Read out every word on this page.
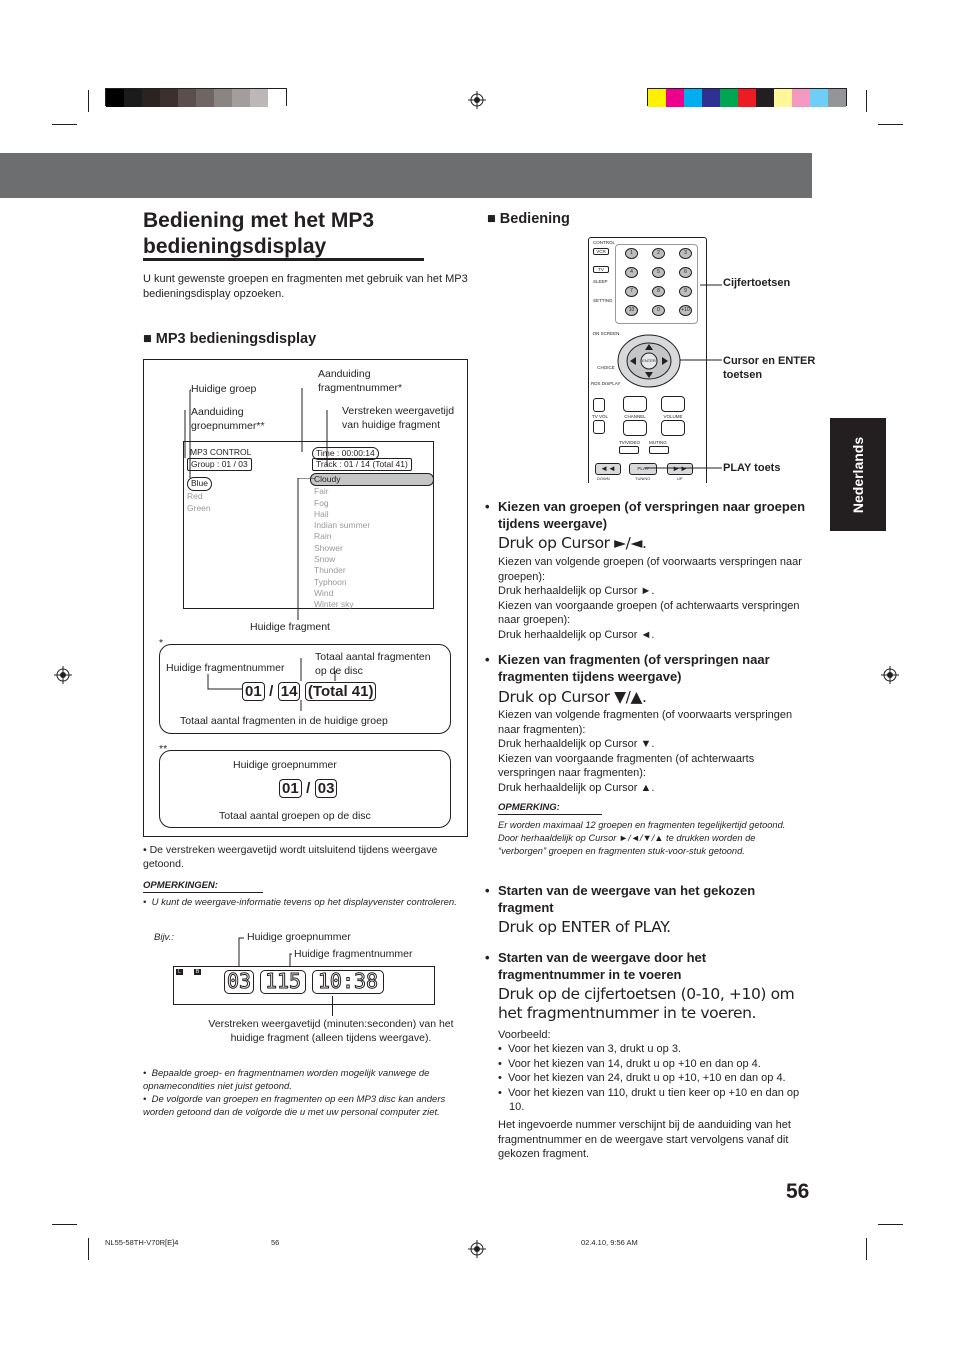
Bediening met het MP3
bedieningsdisplay
U kunt gewenste groepen en fragmenten met gebruik van het MP3 bedieningsdisplay opzoeken.
■ MP3 bedieningsdisplay
Huidige groep
Aanduiding groepnummer**
Aanduiding fragmentnummer*
Verstreken weergavetijd van huidige fragment
MP3 CONTROL
Group : 01 / 03
Time : 00:00:14
Track : 01 / 14 (Total 41)
Blue

Red
Green
Cloudy
Fair
Fog
Hail
Indian summer
Rain
Shower
Snow
Thunder
Typhoon
Wind
Winter sky
Huidige fragment
*
Huidige fragmentnummer
Totaal aantal fragmenten op de disc
01 / 14 (Total 41)
Totaal aantal fragmenten in de huidige groep
**
Huidige groepnummer
01 / 03
Totaal aantal groepen op de disc
• De verstreken weergavetijd wordt uitsluitend tijdens weergave getoond.
OPMERKINGEN:
•  U kunt de weergave-informatie tevens op het displayvenster controleren.
Bijv.:	Huidige groepnummer
Huidige fragmentnummer
L	B 03 115 10:38
Verstreken weergavetijd (minuten:seconden) van het huidige fragment (alleen tijdens weergave).
•  Bepaalde groep- en fragmentnamen worden mogelijk vanwege de opnamecondities niet juist getoond.
•  De volgorde van groepen en fragmenten op een MP3 disc kan anders worden getoond dan de volgorde die u met uw personal computer ziet.
■ Bediening
CONTROL
VCR
TV
SLEEP
SETTING
1	2	3
4	5	6
7	8	9
10	0	+10
ON SCREEN
CHOICE
RDS DISPLAY
ENTER
TV VOL	CHANNEL	VOLUME
TV/VIDEO MUTING
◄◄	PLAY	►►
DOWN	TUNING	UP
Cijfertoetsen
Cursor en ENTER toetsen
PLAY toets
• Kiezen van groepen (of verspringen naar groepen tijdens weergave)
Druk op Cursor ►/◄.
Kiezen van volgende groepen (of voorwaarts verspringen naar groepen):
Druk herhaaldelijk op Cursor ►.
Kiezen van voorgaande groepen (of achterwaarts verspringen naar groepen):
Druk herhaaldelijk op Cursor ◄.
• Kiezen van fragmenten (of verspringen naar fragmenten tijdens weergave)
Druk op Cursor ▼/▲.
Kiezen van volgende fragmenten (of voorwaarts verspringen naar fragmenten):
Druk herhaaldelijk op Cursor ▼.
Kiezen van voorgaande fragmenten (of achterwaarts verspringen naar fragmenten):
Druk herhaaldelijk op Cursor ▲.
OPMERKING:
Er worden maximaal 12 groepen en fragmenten tegelijkertijd getoond. Door herhaaldelijk op Cursor ►/◄/▼/▲ te drukken worden de “verborgen” groepen en fragmenten stuk-voor-stuk getoond.
• Starten van de weergave van het gekozen fragment
Druk op ENTER of PLAY.
• Starten van de weergave door het fragmentnummer in te voeren
Druk op de cijfertoetsen (0-10, +10) om het fragmentnummer in te voeren.
Voorbeeld:
•  Voor het kiezen van 3, drukt u op 3.
•  Voor het kiezen van 14, drukt u op +10 en dan op 4.
•  Voor het kiezen van 24, drukt u op +10, +10 en dan op 4.
•  Voor het kiezen van 110, drukt u tien keer op +10 en dan op 10.
Het ingevoerde nummer verschijnt bij de aanduiding van het fragmentnummer en de weergave start vervolgens vanaf dit gekozen fragment.
Nederlands
56
NL55-58TH-V70R[E]4	56	02.4.10, 9:56 AM
